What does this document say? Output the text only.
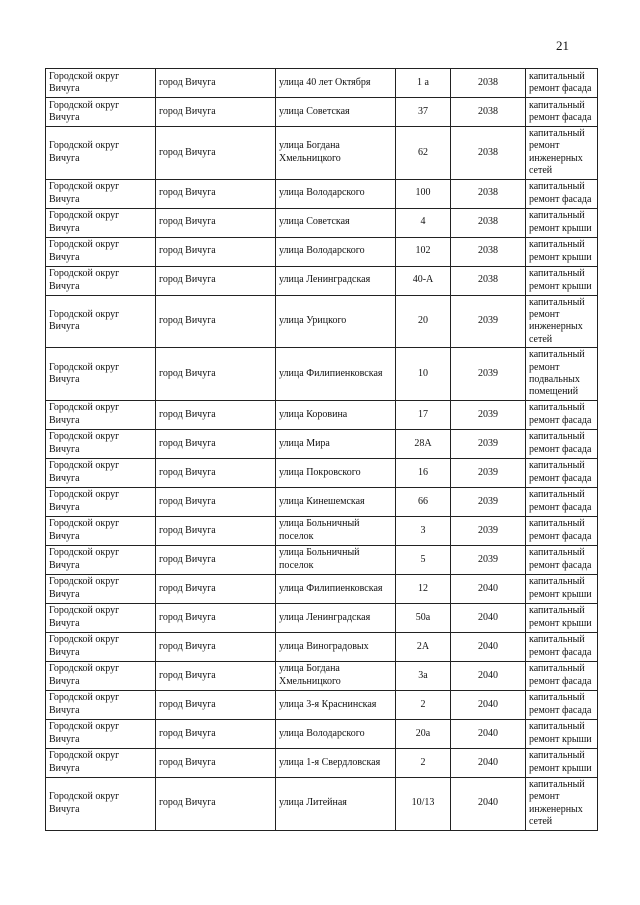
21
Городской округ Вичуга	город Вичуга	улица 40 лет Октября	1 а	2038	капитальный ремонт фасада
Городской округ Вичуга	город Вичуга	улица Советская	37	2038	капитальный ремонт фасада
Городской округ Вичуга	город Вичуга	улица Богдана Хмельницкого	62	2038	капитальный ремонт инженерных сетей
Городской округ Вичуга	город Вичуга	улица Володарского	100	2038	капитальный ремонт фасада
Городской округ Вичуга	город Вичуга	улица Советская	4	2038	капитальный ремонт крыши
Городской округ Вичуга	город Вичуга	улица Володарского	102	2038	капитальный ремонт крыши
Городской округ Вичуга	город Вичуга	улица Ленинградская	40-А	2038	капитальный ремонт крыши
Городской округ Вичуга	город Вичуга	улица Урицкого	20	2039	капитальный ремонт инженерных сетей
Городской округ Вичуга	город Вичуга	улица Филипиенковская	10	2039	капитальный ремонт подвальных помещений
Городской округ Вичуга	город Вичуга	улица Коровина	17	2039	капитальный ремонт фасада
Городской округ Вичуга	город Вичуга	улица Мира	28А	2039	капитальный ремонт фасада
Городской округ Вичуга	город Вичуга	улица Покровского	16	2039	капитальный ремонт фасада
Городской округ Вичуга	город Вичуга	улица Кинешемская	66	2039	капитальный ремонт фасада
Городской округ Вичуга	город Вичуга	улица Больничный поселок	3	2039	капитальный ремонт фасада
Городской округ Вичуга	город Вичуга	улица Больничный поселок	5	2039	капитальный ремонт фасада
Городской округ Вичуга	город Вичуга	улица Филипиенковская	12	2040	капитальный ремонт крыши
Городской округ Вичуга	город Вичуга	улица Ленинградская	50а	2040	капитальный ремонт крыши
Городской округ Вичуга	город Вичуга	улица Виноградовых	2А	2040	капитальный ремонт фасада
Городской округ Вичуга	город Вичуга	улица Богдана Хмельницкого	3а	2040	капитальный ремонт фасада
Городской округ Вичуга	город Вичуга	улица 3-я Краснинская	2	2040	капитальный ремонт фасада
Городской округ Вичуга	город Вичуга	улица Володарского	20а	2040	капитальный ремонт крыши
Городской округ Вичуга	город Вичуга	улица 1-я Свердловская	2	2040	капитальный ремонт крыши
Городской округ Вичуга	город Вичуга	улица Литейная	10/13	2040	капитальный ремонт инженерных сетей
